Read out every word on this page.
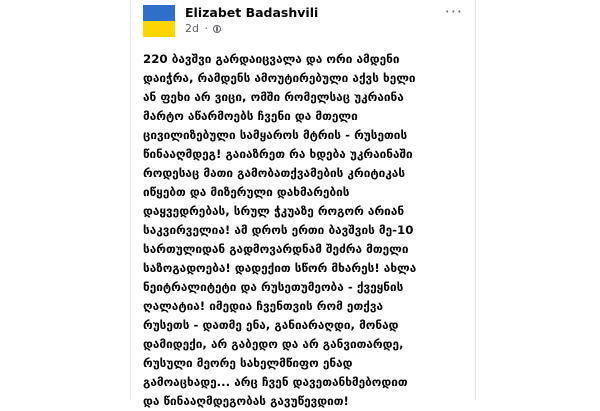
Elizabet Badashvili
2d ·
···
220 ბავშვი გარდაიცვალა და ორი ამდენი
დაიჭრა, რამდენს ამოუტირებული აქვს ხელი
ან ფეხი არ ვიცი, ომში რომელსაც უკრაინა
მარტო აწარმოებს ჩვენი და მთელი
ცივილიზებული სამყაროს მტრის - რუსეთის
წინააღმდეგ! გაიაზრეთ რა ხდება უკრაინაში
როდესაც მათი გამობათქვამების კრიტიკას
იწყებთ და მიზერული დახმარების
დაყვედრებას, სრულ ჭკუაზე როგორ არიან
საკვირველია! ამ დროს ერთი ბავშვის მე-10
სართულიდან გადმოვარდნამ შეძრა მთელი
საზოგადოება! დადექით სწორ მხარეს! ახლა
ნეიტრალიტეტი და რუსეთუმეობა - ქვეყნის
ღალატია! იმედია ჩვენთვის რომ ეთქვა
რუსეთს - დათმე ენა, განიარაღდი, მონად
დამიდექი, არ გაბედო და არ განვითარდე,
რუსული მეორე სახელმწიფო ენად
გამოაცხადე... არც ჩვენ დავეთანხმებოდით
და წინააღმდეგობას გავუწევდით!
